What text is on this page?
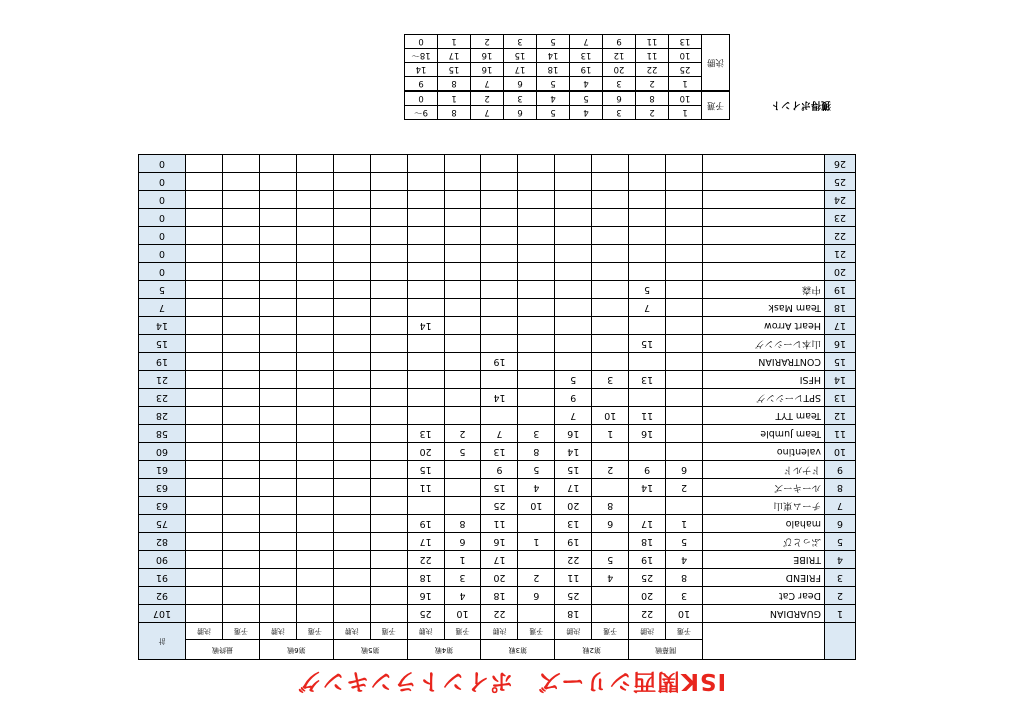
ISK関西シリーズ　ポイントランキング
		開幕戦		第2戦		第3戦		第4戦		第5戦		第6戦		最終戦		計
		予選	決勝	予選	決勝	予選	決勝	予選	決勝	予選	決勝	予選	決勝	予選	決勝	
1	GUARDIAN	10	22		18		22	10	25							107
2	Dear Cat	3	20		25	6	18	4	16							92
3	FRIEND	8	25	4	11	2	20	3	18							91
4	TRIBE	4	19	5	22		17	1	22							90
5	ぷっとび	5	18		19	1	16	6	17							82
6	mahalo	1	17	6	13		11	8	19							75
7	チーム東山			8	20	10	25									63
8	ルーキーズ	2	14		17	4	15		11							63
9	ドナルド	6	9	2	15	5	9		15							61
10	valentino				14	8	13	5	20							60
11	Team Jumble		16	1	16	3	7	2	13							58
12	Team TYT		11	10	7											28
13	SPTレーシング				9		14									23
14	HFSI		13	3	5											21
15	CONTRARIAN						19									19
16	山本レーシング		15													15
17	Heart Arrow								14							14
18	Team Mask		7													7
19	中森		5													5
20																0
21																0
22																0
23																0
24																0
25																0
26																0
獲得ポイント
予選	1	2	3	4	5	6	7	8	9～
	10	8	6	5	4	3	2	1	0
決勝	1	2	3	4	5	6	7	8	9
	25	22	20	19	18	17	16	15	14
	10	11	12	13	14	15	16	17	18～
	13	11	9	7	5	3	2	1	0
